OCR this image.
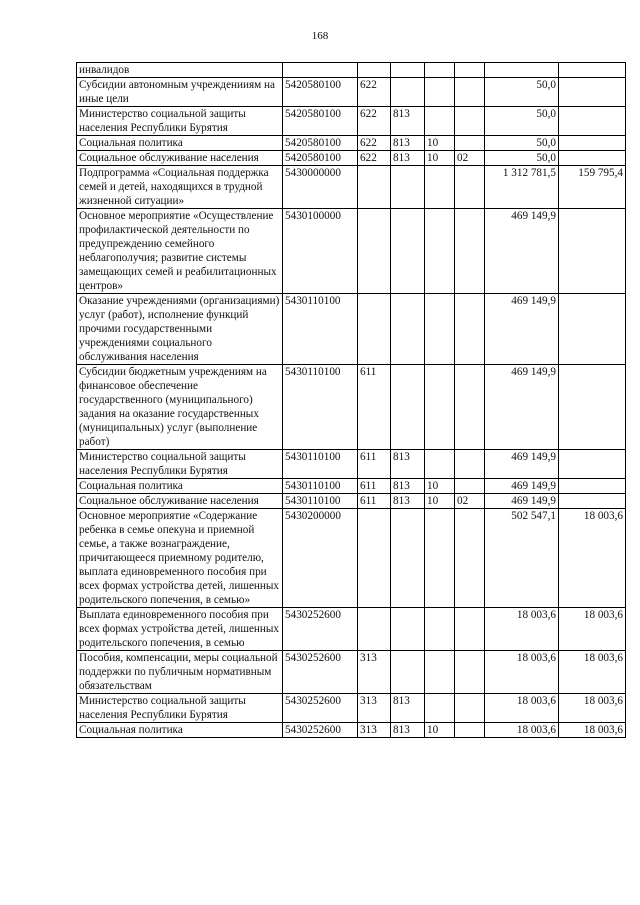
168
инвалидов							
Субсидии автономным учрежденииям на иные цели	5420580100	622				50,0	
Министерство социальной защиты населения Республики Бурятия	5420580100	622	813			50,0	
Социальная политика	5420580100	622	813	10		50,0	
Социальное обслуживание населения	5420580100	622	813	10	02	50,0	
Подпрограмма «Социальная поддержка семей и детей, находящихся в трудной жизненной ситуации»	5430000000					1 312 781,5	159 795,4
Основное мероприятие «Осуществление профилактической деятельности по предупреждению семейного неблагополучия; развитие системы замещающих семей и реабилитационных центров»	5430100000					469 149,9	
Оказание учреждениями (организациями) услуг (работ), исполнение функций прочими государственными учреждениями социального обслуживания населения	5430110100					469 149,9	
Субсидии бюджетным учреждениям на финансовое обеспечение государственного (муниципального) задания на оказание государственных (муниципальных) услуг (выполнение работ)	5430110100	611				469 149,9	
Министерство социальной защиты населения Республики Бурятия	5430110100	611	813			469 149,9	
Социальная политика	5430110100	611	813	10		469 149,9	
Социальное обслуживание населения	5430110100	611	813	10	02	469 149,9	
Основное мероприятие «Содержание ребенка в семье опекуна и приемной семье, а также вознаграждение, причитающееся приемному родителю, выплата единовременного пособия при всех формах устройства детей, лишенных родительского попечения, в семью»	5430200000					502 547,1	18 003,6
Выплата единовременного пособия при всех формах устройства детей, лишенных родительского попечения, в семью	5430252600					18 003,6	18 003,6
Пособия, компенсации, меры социальной поддержки по публичным нормативным обязательствам	5430252600	313				18 003,6	18 003,6
Министерство социальной защиты населения Республики Бурятия	5430252600	313	813			18 003,6	18 003,6
Социальная политика	5430252600	313	813	10		18 003,6	18 003,6
